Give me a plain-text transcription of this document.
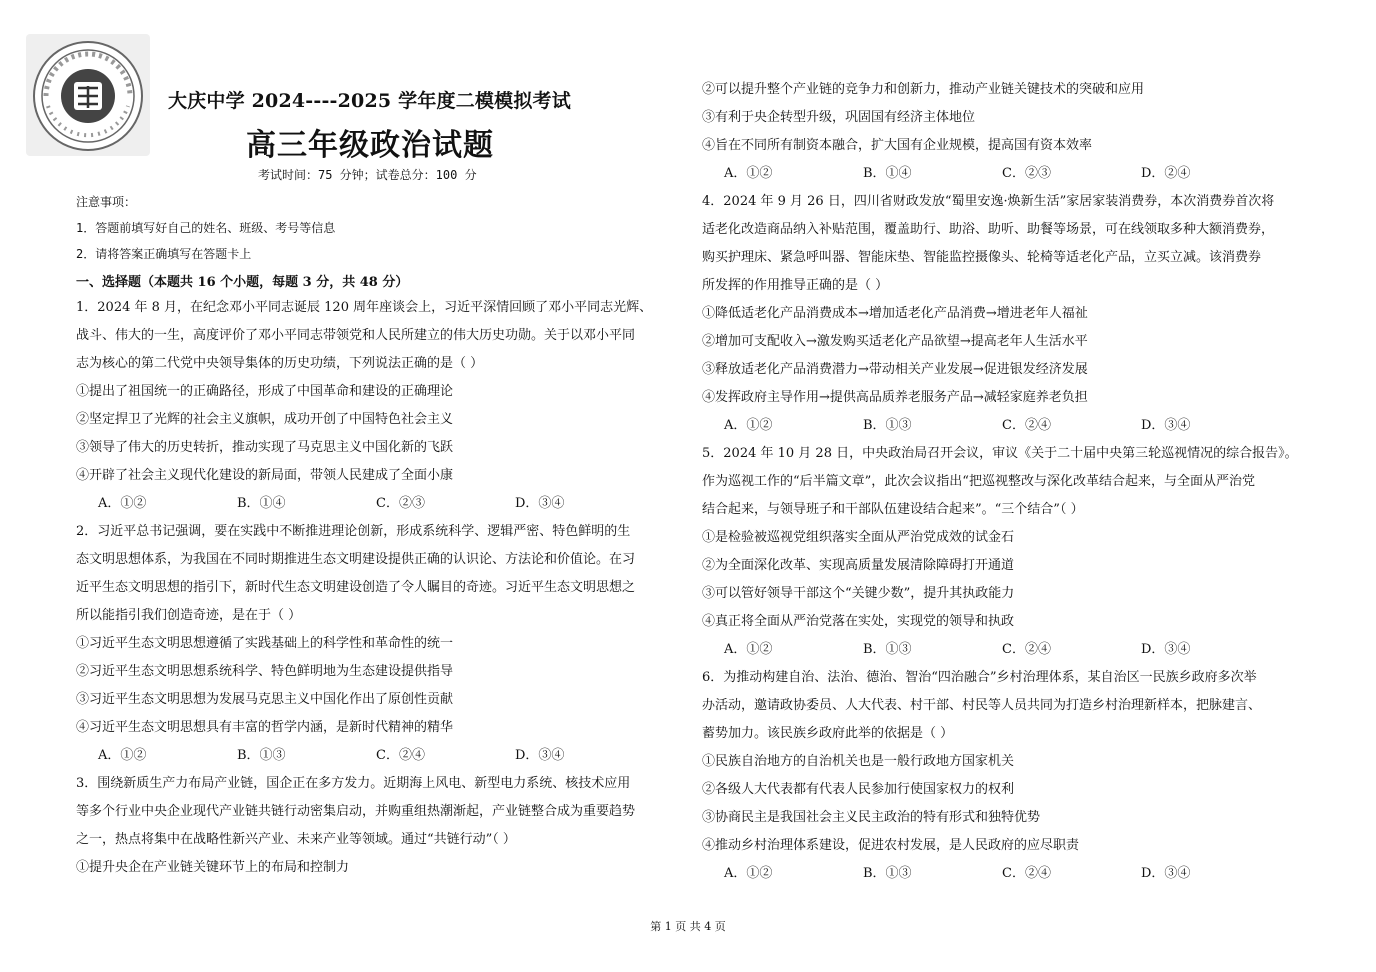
大庆中学 2024----2025 学年度二模模拟考试
高三年级政治试题
考试时间：75 分钟；试卷总分：100 分
注意事项：
1．答题前填写好自己的姓名、班级、考号等信息
2．请将答案正确填写在答题卡上
一、选择题（本题共 16 个小题，每题 3 分，共 48 分）
1．2024 年 8 月，在纪念邓小平同志诞辰 120 周年座谈会上，习近平深情回顾了邓小平同志光辉、
战斗、伟大的一生，高度评价了邓小平同志带领党和人民所建立的伟大历史功勋。关于以邓小平同
志为核心的第二代党中央领导集体的历史功绩，下列说法正确的是（ ）
①提出了祖国统一的正确路径，形成了中国革命和建设的正确理论
②坚定捍卫了光辉的社会主义旗帜，成功开创了中国特色社会主义
③领导了伟大的历史转折，推动实现了马克思主义中国化新的飞跃
④开辟了社会主义现代化建设的新局面，带领人民建成了全面小康
A．①②	B．①④	C．②③	D．③④
2．习近平总书记强调，要在实践中不断推进理论创新，形成系统科学、逻辑严密、特色鲜明的生
态文明思想体系，为我国在不同时期推进生态文明建设提供正确的认识论、方法论和价值论。在习
近平生态文明思想的指引下，新时代生态文明建设创造了令人瞩目的奇迹。习近平生态文明思想之
所以能指引我们创造奇迹，是在于（ ）
①习近平生态文明思想遵循了实践基础上的科学性和革命性的统一
②习近平生态文明思想系统科学、特色鲜明地为生态建设提供指导
③习近平生态文明思想为发展马克思主义中国化作出了原创性贡献
④习近平生态文明思想具有丰富的哲学内涵，是新时代精神的精华
A．①②	B．①③	C．②④	D．③④
3．围绕新质生产力布局产业链，国企正在多方发力。近期海上风电、新型电力系统、核技术应用
等多个行业中央企业现代产业链共链行动密集启动，并购重组热潮渐起，产业链整合成为重要趋势
之一，热点将集中在战略性新兴产业、未来产业等领域。通过“共链行动”（ ）
①提升央企在产业链关键环节上的布局和控制力
②可以提升整个产业链的竞争力和创新力，推动产业链关键技术的突破和应用
③有利于央企转型升级，巩固国有经济主体地位
④旨在不同所有制资本融合，扩大国有企业规模，提高国有资本效率
A．①②	B．①④	C．②③	D．②④
4．2024 年 9 月 26 日，四川省财政发放“蜀里安逸·焕新生活”家居家装消费券，本次消费券首次将
适老化改造商品纳入补贴范围，覆盖助行、助浴、助听、助餐等场景，可在线领取多种大额消费券，
购买护理床、紧急呼叫器、智能床垫、智能监控摄像头、轮椅等适老化产品，立买立减。该消费券
所发挥的作用推导正确的是（ ）
①降低适老化产品消费成本→增加适老化产品消费→增进老年人福祉
②增加可支配收入→激发购买适老化产品欲望→提高老年人生活水平
③释放适老化产品消费潜力→带动相关产业发展→促进银发经济发展
④发挥政府主导作用→提供高品质养老服务产品→减轻家庭养老负担
A．①②	B．①③	C．②④	D．③④
5．2024 年 10 月 28 日，中央政治局召开会议，审议《关于二十届中央第三轮巡视情况的综合报告》。
作为巡视工作的“后半篇文章”，此次会议指出“把巡视整改与深化改革结合起来，与全面从严治党
结合起来，与领导班子和干部队伍建设结合起来”。“三个结合”（ ）
①是检验被巡视党组织落实全面从严治党成效的试金石
②为全面深化改革、实现高质量发展清除障碍打开通道
③可以管好领导干部这个“关键少数”，提升其执政能力
④真正将全面从严治党落在实处，实现党的领导和执政
A．①②	B．①③	C．②④	D．③④
6．为推动构建自治、法治、德治、智治“四治融合”乡村治理体系，某自治区一民族乡政府多次举
办活动，邀请政协委员、人大代表、村干部、村民等人员共同为打造乡村治理新样本，把脉建言、
蓄势加力。该民族乡政府此举的依据是（ ）
①民族自治地方的自治机关也是一般行政地方国家机关
②各级人大代表都有代表人民参加行使国家权力的权利
③协商民主是我国社会主义民主政治的特有形式和独特优势
④推动乡村治理体系建设，促进农村发展，是人民政府的应尽职责
A．①②	B．①③	C．②④	D．③④
第 1 页 共 4 页
